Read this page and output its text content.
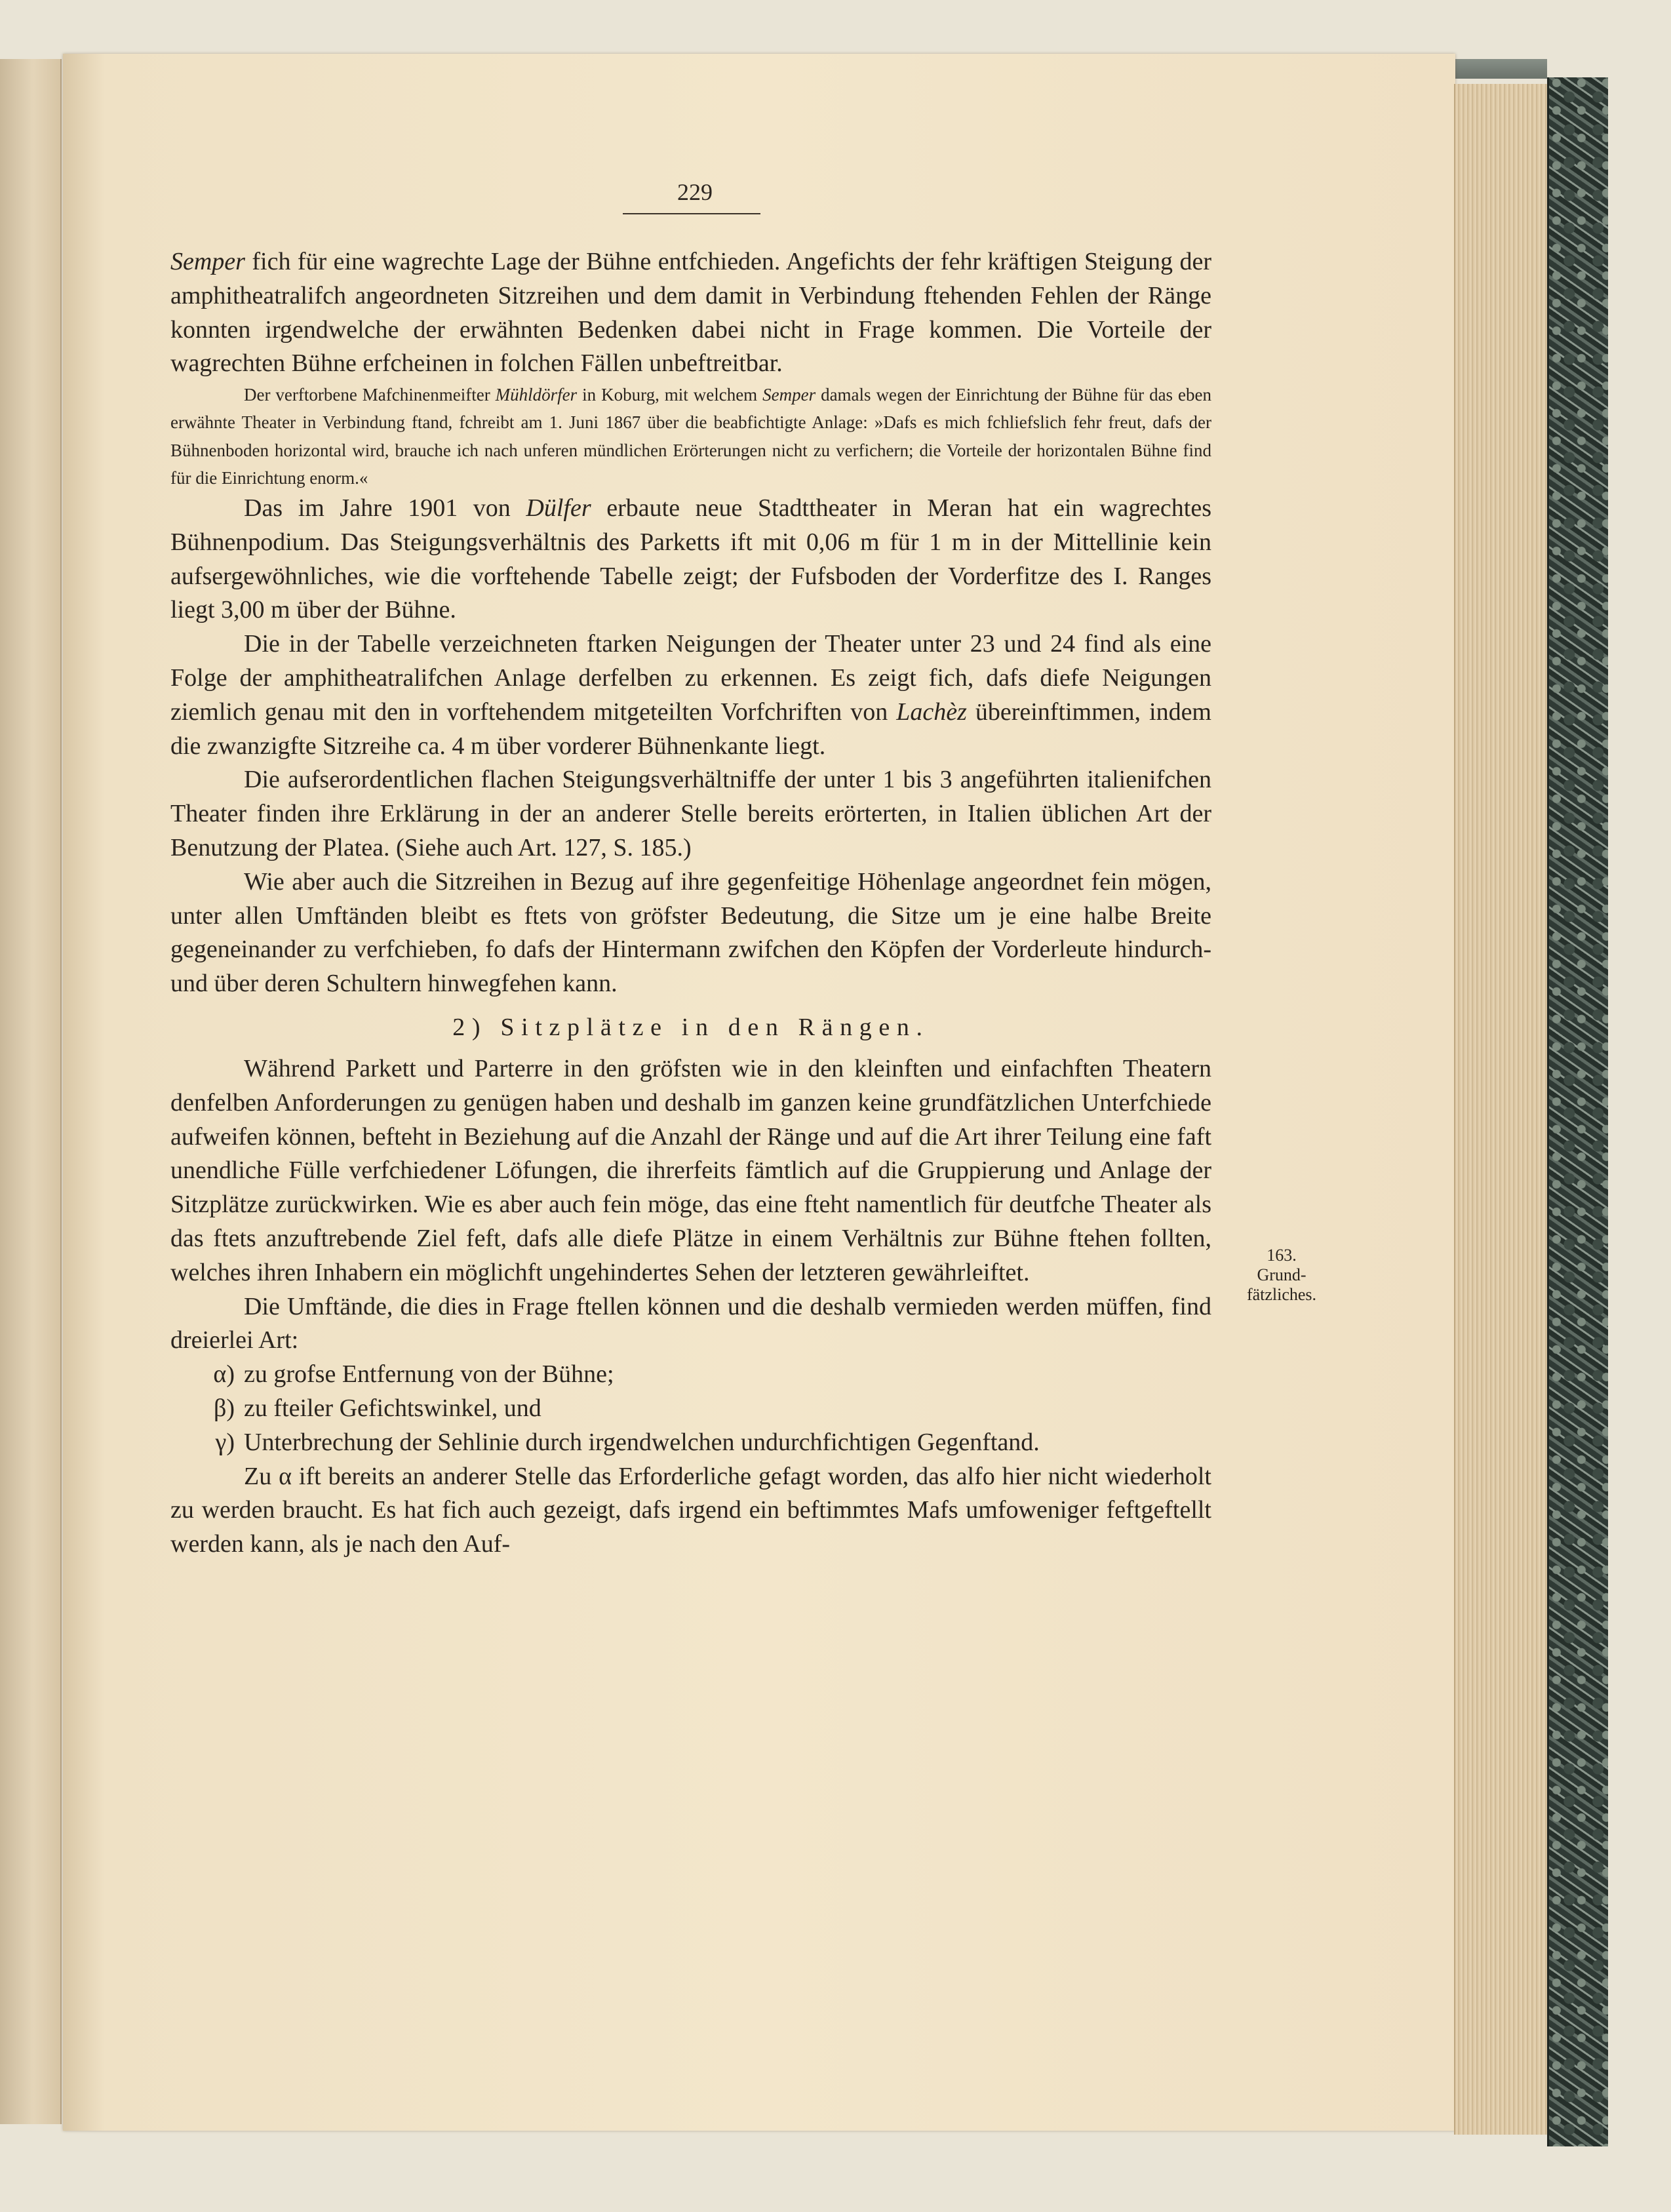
229

Semper fich für eine wagrechte Lage der Bühne entfchieden. Angefichts der fehr kräftigen Steigung der amphitheatralifch angeordneten Sitzreihen und dem damit in Verbindung ftehenden Fehlen der Ränge konnten irgendwelche der erwähnten Bedenken dabei nicht in Frage kommen. Die Vorteile der wagrechten Bühne erfcheinen in folchen Fällen unbeftreitbar.

Der verftorbene Mafchinenmeifter Mühldörfer in Koburg, mit welchem Semper damals wegen der Einrichtung der Bühne für das eben erwähnte Theater in Verbindung ftand, fchreibt am 1. Juni 1867 über die beabfichtigte Anlage: »Dafs es mich fchliefslich fehr freut, dafs der Bühnenboden horizontal wird, brauche ich nach unferen mündlichen Erörterungen nicht zu verfichern; die Vorteile der horizontalen Bühne find für die Einrichtung enorm.«

Das im Jahre 1901 von Dülfer erbaute neue Stadttheater in Meran hat ein wagrechtes Bühnenpodium. Das Steigungsverhältnis des Parketts ift mit 0,06 m für 1 m in der Mittellinie kein aufsergewöhnliches, wie die vorftehende Tabelle zeigt; der Fufsboden der Vorderfitze des I. Ranges liegt 3,00 m über der Bühne.

Die in der Tabelle verzeichneten ftarken Neigungen der Theater unter 23 und 24 find als eine Folge der amphitheatralifchen Anlage derfelben zu erkennen. Es zeigt fich, dafs diefe Neigungen ziemlich genau mit den in vorftehendem mitgeteilten Vorfchriften von Lachèz übereinftimmen, indem die zwanzigfte Sitzreihe ca. 4 m über vorderer Bühnenkante liegt.

Die aufserordentlichen flachen Steigungsverhältniffe der unter 1 bis 3 angeführten italienifchen Theater finden ihre Erklärung in der an anderer Stelle bereits erörterten, in Italien üblichen Art der Benutzung der Platea. (Siehe auch Art. 127, S. 185.)

Wie aber auch die Sitzreihen in Bezug auf ihre gegenfeitige Höhenlage angeordnet fein mögen, unter allen Umftänden bleibt es ftets von gröfster Bedeutung, die Sitze um je eine halbe Breite gegeneinander zu verfchieben, fo dafs der Hintermann zwifchen den Köpfen der Vorderleute hindurch- und über deren Schultern hinwegfehen kann.

2) Sitzplätze in den Rängen.

Während Parkett und Parterre in den gröfsten wie in den kleinften und einfachften Theatern denfelben Anforderungen zu genügen haben und deshalb im ganzen keine grundfätzlichen Unterfchiede aufweifen können, befteht in Beziehung auf die Anzahl der Ränge und auf die Art ihrer Teilung eine faft unendliche Fülle verfchiedener Löfungen, die ihrerfeits fämtlich auf die Gruppierung und Anlage der Sitzplätze zurückwirken. Wie es aber auch fein möge, das eine fteht namentlich für deutfche Theater als das ftets anzuftrebende Ziel feft, dafs alle diefe Plätze in einem Verhältnis zur Bühne ftehen follten, welches ihren Inhabern ein möglichft ungehindertes Sehen der letzteren gewährleiftet.

Die Umftände, die dies in Frage ftellen können und die deshalb vermieden werden müffen, find dreierlei Art:

α) zu grofse Entfernung von der Bühne;
β) zu fteiler Gefichtswinkel, und
γ) Unterbrechung der Sehlinie durch irgendwelchen undurchfichtigen Gegenftand.

Zu α ift bereits an anderer Stelle das Erforderliche gefagt worden, das alfo hier nicht wiederholt zu werden braucht. Es hat fich auch gezeigt, dafs irgend ein beftimmtes Mafs umfoweniger feftgeftellt werden kann, als je nach den Auf-

163.
Grund-
fätzliches.
